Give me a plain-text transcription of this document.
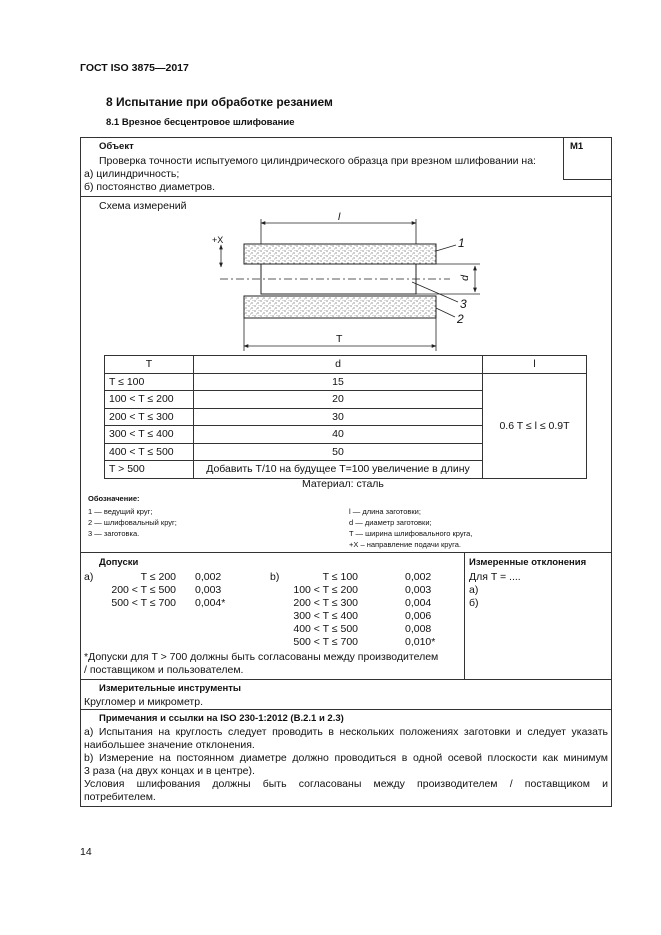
ГОСТ ISO 3875—2017
8 Испытание при обработке резанием
8.1 Врезное бесцентровое шлифование
Объект	M1
Проверка точности испытуемого цилиндрического образца при врезном шлифовании на:
а) цилиндричность;
б) постоянство диаметров.
Схема измерений
l
T
d
+X	1
2
3
T	d	l
T ≤ 100	15	0.6 T ≤ l ≤ 0.9T
100 < T ≤ 200	20	
200 < T ≤ 300	30	
300 < T ≤ 400	40	
400 < T ≤ 500	50	
T > 500	Добавить T/10 на будущее T=100 увеличение в длину	
Материал: сталь
Обозначение:
1 — ведущий круг;
2 — шлифовальный круг;
3 — заготовка.
l — длина заготовки;
d — диаметр заготовки;
T — ширина шлифовального круга,
+X – направление подачи круга.
Допуски
а)	b)
T ≤ 200 0,002
200 < T ≤ 500 0,003
500 < T ≤ 700 0,004*
T ≤ 100	0,002
100 < T ≤ 200	0,003
200 < T ≤ 300	0,004
300 < T ≤ 400	0,006
400 < T ≤ 500	0,008
500 < T ≤ 700	0,010*
*Допуски для T > 700 должны быть согласованы между производителем
/ поставщиком и пользователем.
Измеренные отклонения
Для T = ....
а)
б)
Измерительные инструменты
Кругломер и микрометр.
Примечания и ссылки на ISO 230-1:2012 (В.2.1 и 2.3)
а) Испытания на круглость следует проводить в нескольких положениях заготовки и следует указать
наибольшее значение отклонения.
b) Измерение на постоянном диаметре должно проводиться в одной осевой плоскости как минимум
3 раза (на двух концах и в центре).
Условия шлифования должны быть согласованы между производителем / поставщиком и
потребителем.
14
